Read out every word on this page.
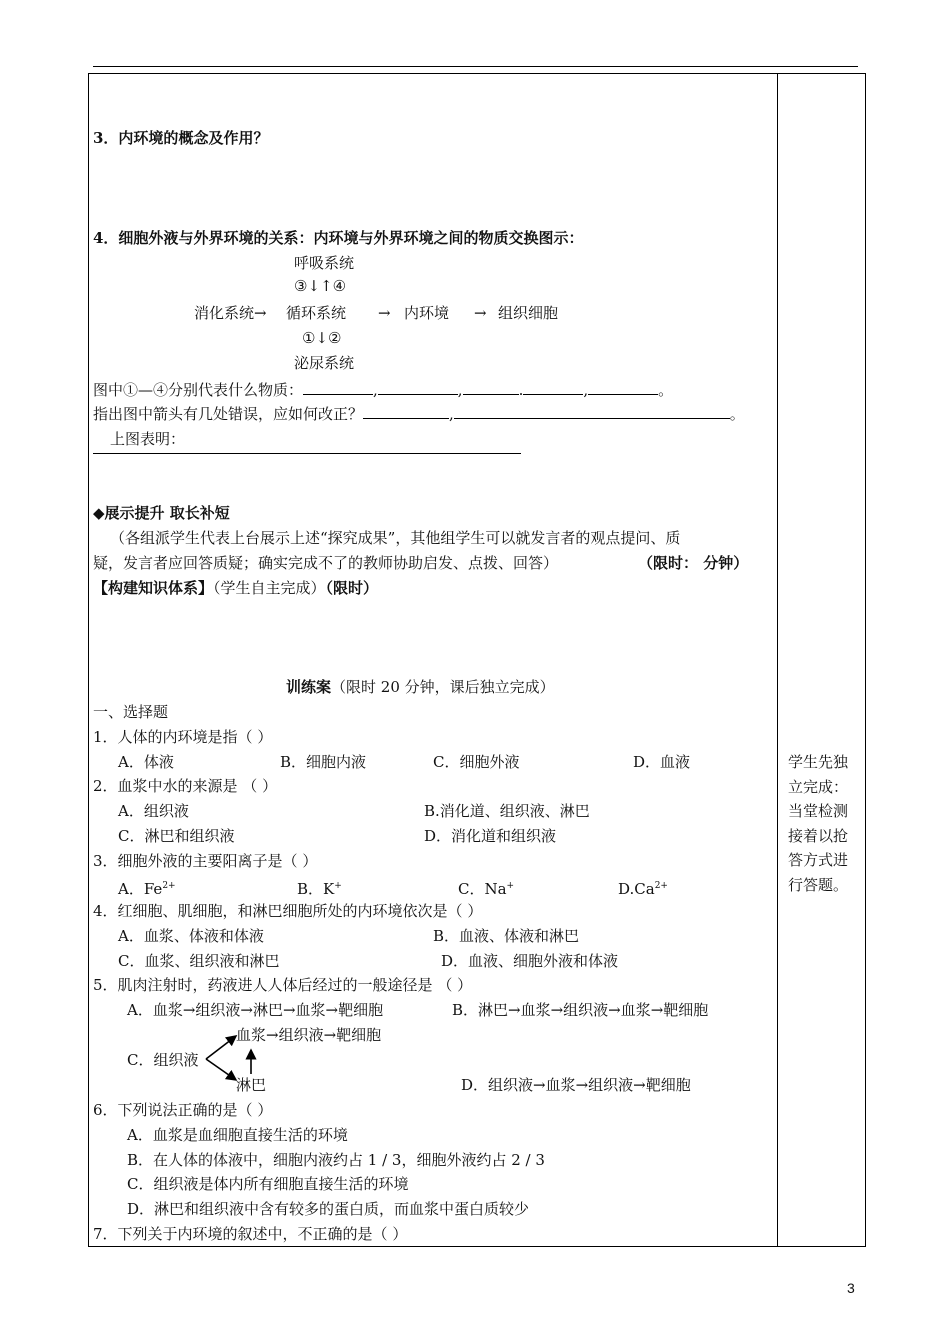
3．内环境的概念及作用？
4．细胞外液与外界环境的关系：内环境与外界环境之间的物质交换图示：
呼吸系统
③↓↑④
消化系统→ 循环系统 → 内环境 → 组织细胞
①↓②
泌尿系统
图中①—④分别代表什么物质：	,	,	.	,	。
指出图中箭头有几处错误，应如何改正？	,	。
上图表明：
◆展示提升 取长补短
（各组派学生代表上台展示上述“探究成果”，其他组学生可以就发言者的观点提问、质
疑，发言者应回答质疑；确实完成不了的教师协助启发、点拨、回答）	（限时： 分钟）
【构建知识体系】（学生自主完成）（限时）
训练案（限时 20 分钟，课后独立完成）
一、选择题
1．人体的内环境是指（ ）
A．体液	B．细胞内液	C．细胞外液	D．血液
2．血浆中水的来源是 （ ）
A．组织液	B.消化道、组织液、淋巴
C．淋巴和组织液	D．消化道和组织液
3．细胞外液的主要阳离子是（ ）
A．$Fe^{2+}$	B．K+	C．Na+	$D.Ca^{2+}$
4．红细胞、肌细胞，和淋巴细胞所处的内环境依次是（ ）
A．血浆、体液和体液	B．血液、体液和淋巴
C．血浆、组织液和淋巴	D．血液、细胞外液和体液
5．肌肉注射时，药液进人人体后经过的一般途径是 （ ）
A．血浆→组织液→淋巴→血浆→靶细胞	B．淋巴→血浆→组织液→血浆→靶细胞
C．组织液
血浆→组织液→靶细胞
淋巴	D．组织液→血浆→组织液→靶细胞
6．下列说法正确的是（ ）
A．血浆是血细胞直接生活的环境
B．在人体的体液中，细胞内液约占 1 / 3，细胞外液约占 2 / 3
C．组织液是体内所有细胞直接生活的环境
D．淋巴和组织液中含有较多的蛋白质，而血浆中蛋白质较少
7．下列关于内环境的叙述中，不正确的是（ ）
学生先独立完成：当堂检测接着以抢答方式进行答题。
3
